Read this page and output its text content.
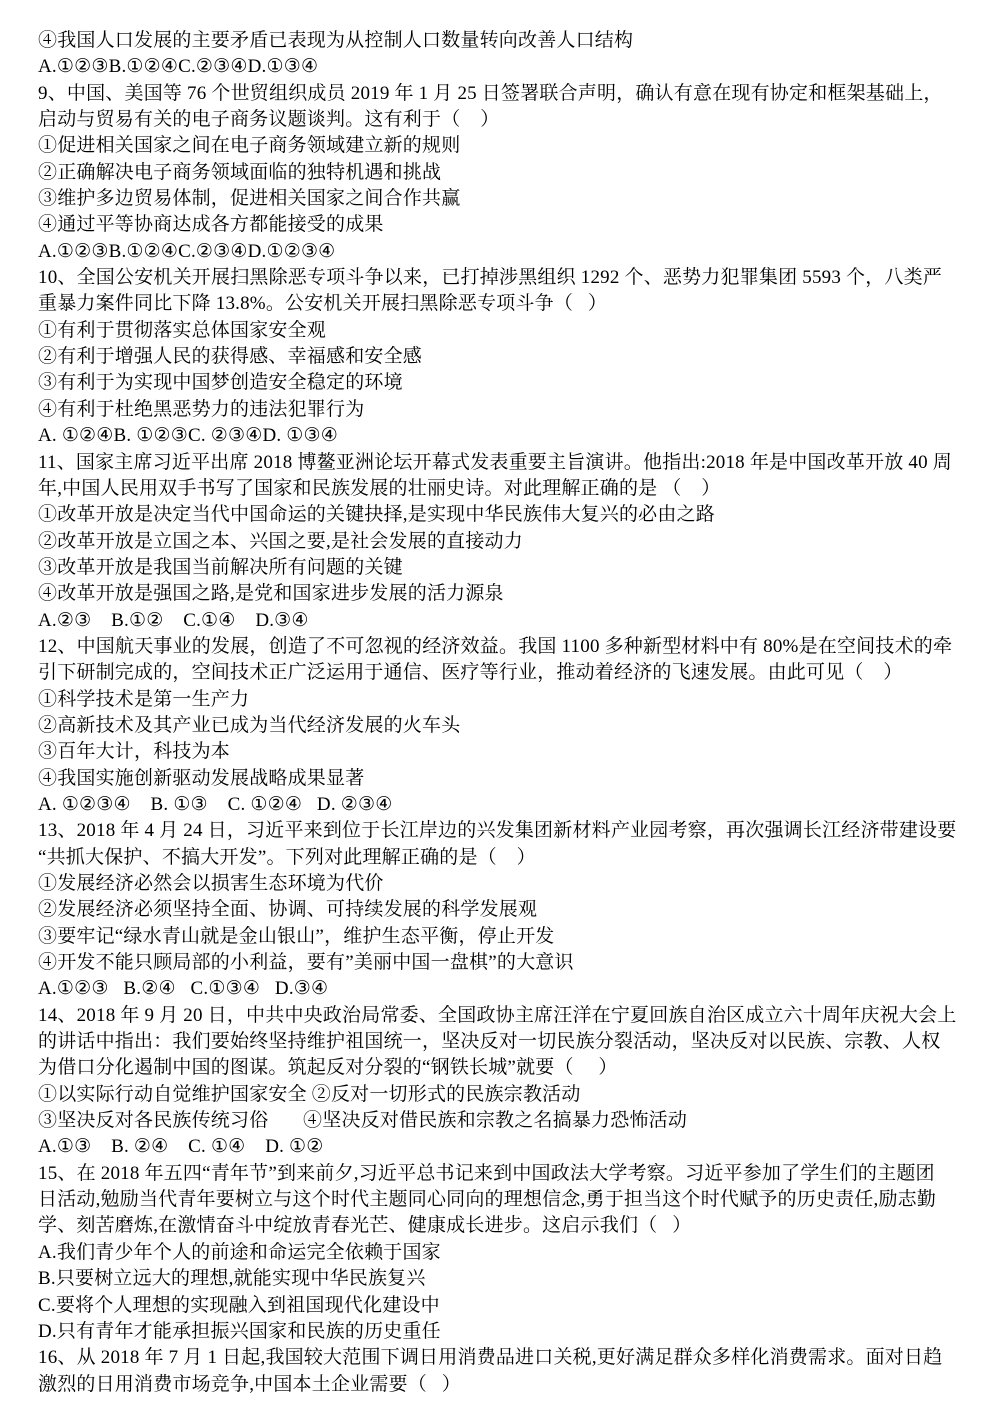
④我国人口发展的主要矛盾已表现为从控制人口数量转向改善人口结构
A.①②③B.①②④C.②③④D.①③④
9、中国、美国等 76 个世贸组织成员 2019 年 1 月 25 日签署联合声明，确认有意在现有协定和框架基础上，
启动与贸易有关的电子商务议题谈判。这有利于（    ）
①促进相关国家之间在电子商务领域建立新的规则
②正确解决电子商务领域面临的独特机遇和挑战
③维护多边贸易体制，促进相关国家之间合作共赢
④通过平等协商达成各方都能接受的成果
A.①②③B.①②④C.②③④D.①②③④
10、全国公安机关开展扫黑除恶专项斗争以来，已打掉涉黑组织 1292 个、恶势力犯罪集团 5593 个，八类严
重暴力案件同比下降 13.8%。公安机关开展扫黑除恶专项斗争（   ）
①有利于贯彻落实总体国家安全观
②有利于增强人民的获得感、幸福感和安全感
③有利于为实现中国梦创造安全稳定的环境
④有利于杜绝黑恶势力的违法犯罪行为
A. ①②④B. ①②③C. ②③④D. ①③④
11、国家主席习近平出席 2018 博鳌亚洲论坛开幕式发表重要主旨演讲。他指出:2018 年是中国改革开放 40 周
年,中国人民用双手书写了国家和民族发展的壮丽史诗。对此理解正确的是 （    ）
①改革开放是决定当代中国命运的关键抉择,是实现中华民族伟大复兴的必由之路
②改革开放是立国之本、兴国之要,是社会发展的直接动力
③改革开放是我国当前解决所有问题的关键
④改革开放是强国之路,是党和国家进步发展的活力源泉
A.②③    B.①②    C.①④    D.③④
12、中国航天事业的发展，创造了不可忽视的经济效益。我国 1100 多种新型材料中有 80%是在空间技术的牵
引下研制完成的，空间技术正广泛运用于通信、医疗等行业，推动着经济的飞速发展。由此可见（    ）
①科学技术是第一生产力
②高新技术及其产业已成为当代经济发展的火车头
③百年大计，科技为本
④我国实施创新驱动发展战略成果显著
A. ①②③④    B. ①③    C. ①②④   D. ②③④
13、2018 年 4 月 24 日，习近平来到位于长江岸边的兴发集团新材料产业园考察，再次强调长江经济带建设要
“共抓大保护、不搞大开发”。下列对此理解正确的是（    ）
①发展经济必然会以损害生态环境为代价
②发展经济必须坚持全面、协调、可持续发展的科学发展观
③要牢记“绿水青山就是金山银山”，维护生态平衡，停止开发
④开发不能只顾局部的小利益，要有”美丽中国一盘棋”的大意识
A.①②③   B.②④   C.①③④   D.③④
14、2018 年 9 月 20 日，中共中央政治局常委、全国政协主席汪洋在宁夏回族自治区成立六十周年庆祝大会上
的讲话中指出：我们要始终坚持维护祖国统一，坚决反对一切民族分裂活动，坚决反对以民族、宗教、人权
为借口分化遏制中国的图谋。筑起反对分裂的“钢铁长城”就要（     ）
①以实际行动自觉维护国家安全 ②反对一切形式的民族宗教活动
③坚决反对各民族传统习俗       ④坚决反对借民族和宗教之名搞暴力恐怖活动
A.①③    B. ②④    C. ①④    D. ①②
15、在 2018 年五四“青年节”到来前夕,习近平总书记来到中国政法大学考察。习近平参加了学生们的主题团
日活动,勉励当代青年要树立与这个时代主题同心同向的理想信念,勇于担当这个时代赋予的历史责任,励志勤
学、刻苦磨炼,在激情奋斗中绽放青春光芒、健康成长进步。这启示我们（   ）
A.我们青少年个人的前途和命运完全依赖于国家
B.只要树立远大的理想,就能实现中华民族复兴
C.要将个人理想的实现融入到祖国现代化建设中
D.只有青年才能承担振兴国家和民族的历史重任
16、从 2018 年 7 月 1 日起,我国较大范围下调日用消费品进口关税,更好满足群众多样化消费需求。面对日趋
激烈的日用消费市场竞争,中国本土企业需要（   ）
